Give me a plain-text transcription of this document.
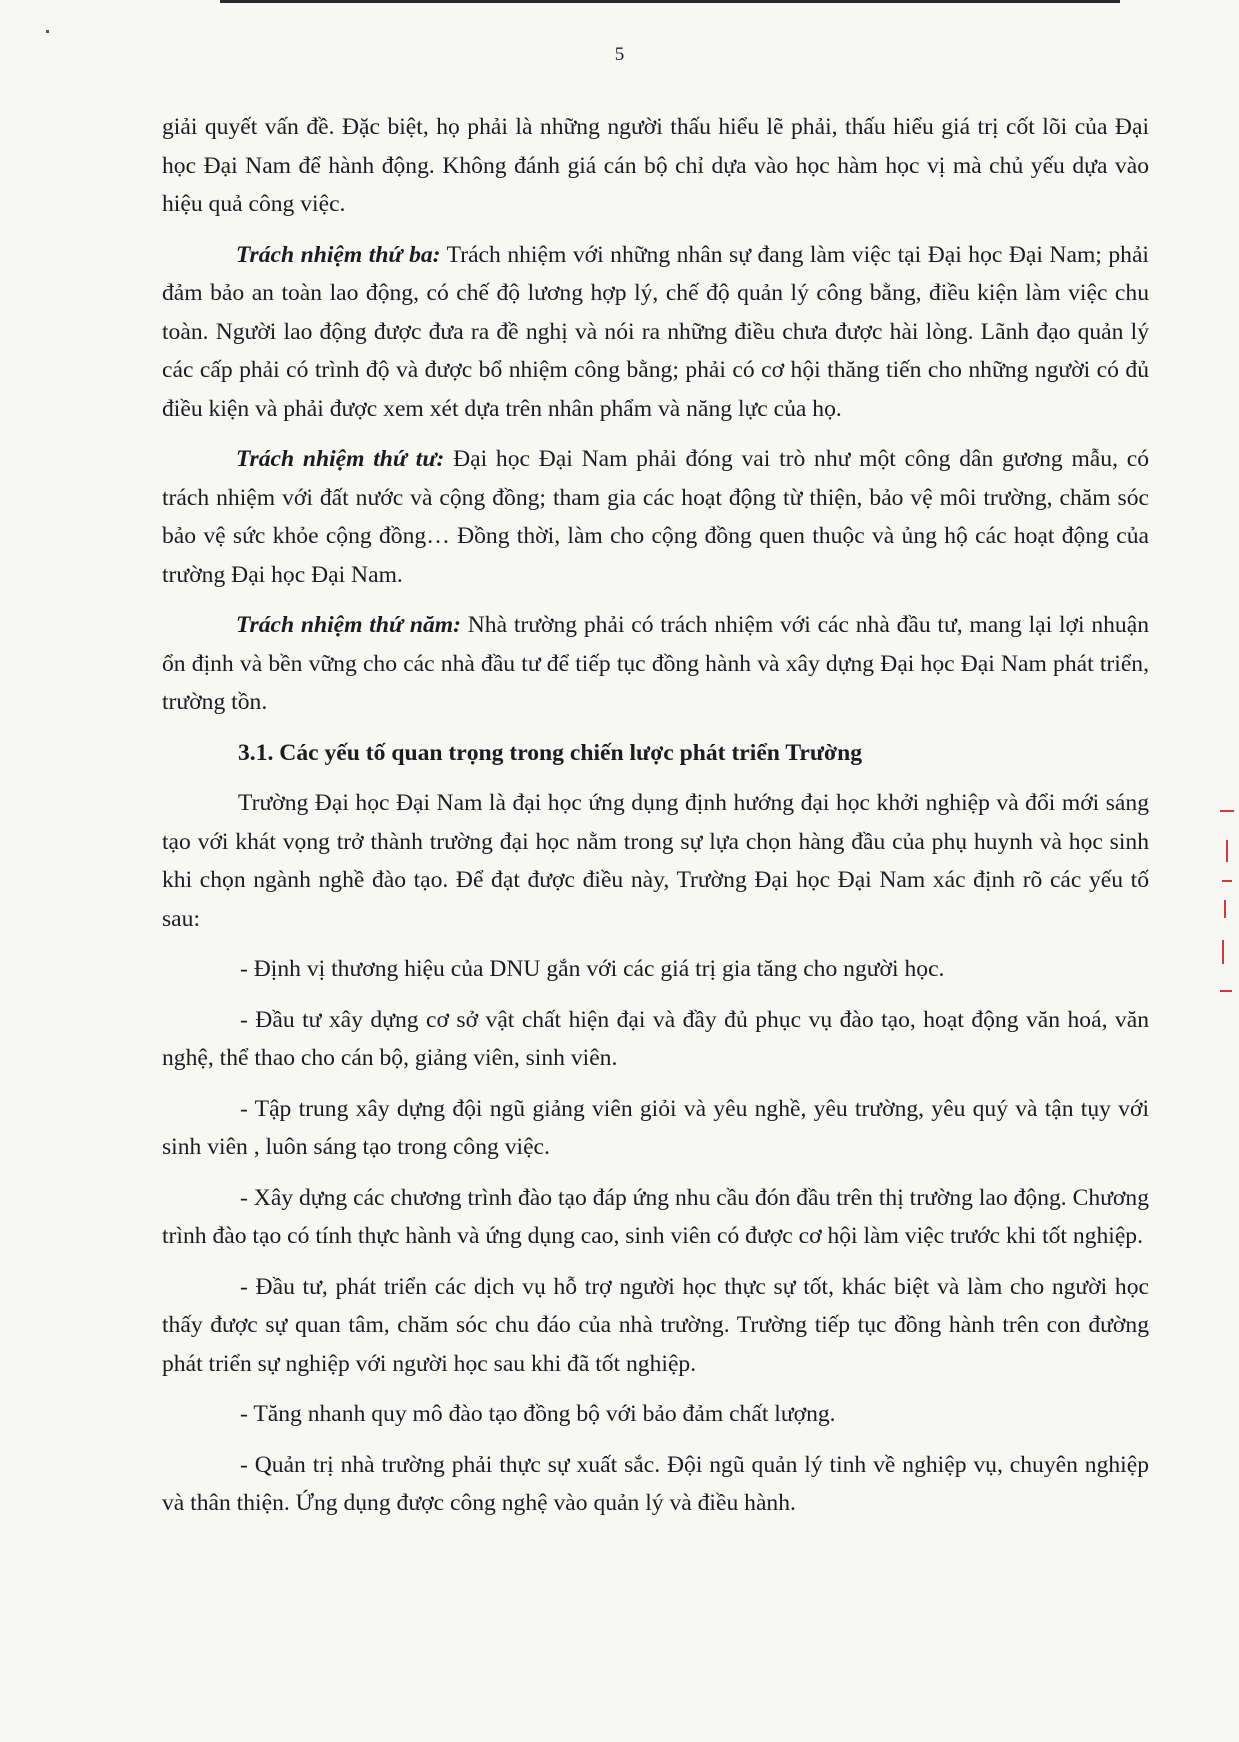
5

giải quyết vấn đề. Đặc biệt, họ phải là những người thấu hiểu lẽ phải, thấu hiểu giá trị cốt lõi của Đại học Đại Nam để hành động. Không đánh giá cán bộ chỉ dựa vào học hàm học vị mà chủ yếu dựa vào hiệu quả công việc.

Trách nhiệm thứ ba: Trách nhiệm với những nhân sự đang làm việc tại Đại học Đại Nam; phải đảm bảo an toàn lao động, có chế độ lương hợp lý, chế độ quản lý công bằng, điều kiện làm việc chu toàn. Người lao động được đưa ra đề nghị và nói ra những điều chưa được hài lòng. Lãnh đạo quản lý các cấp phải có trình độ và được bổ nhiệm công bằng; phải có cơ hội thăng tiến cho những người có đủ điều kiện và phải được xem xét dựa trên nhân phẩm và năng lực của họ.

Trách nhiệm thứ tư: Đại học Đại Nam phải đóng vai trò như một công dân gương mẫu, có trách nhiệm với đất nước và cộng đồng; tham gia các hoạt động từ thiện, bảo vệ môi trường, chăm sóc bảo vệ sức khỏe cộng đồng… Đồng thời, làm cho cộng đồng quen thuộc và ủng hộ các hoạt động của trường Đại học Đại Nam.

Trách nhiệm thứ năm: Nhà trường phải có trách nhiệm với các nhà đầu tư, mang lại lợi nhuận ổn định và bền vững cho các nhà đầu tư để tiếp tục đồng hành và xây dựng Đại học Đại Nam phát triển, trường tồn.

3.1. Các yếu tố quan trọng trong chiến lược phát triển Trường

Trường Đại học Đại Nam là đại học ứng dụng định hướng đại học khởi nghiệp và đổi mới sáng tạo với khát vọng trở thành trường đại học nằm trong sự lựa chọn hàng đầu của phụ huynh và học sinh khi chọn ngành nghề đào tạo. Để đạt được điều này, Trường Đại học Đại Nam xác định rõ các yếu tố sau:

- Định vị thương hiệu của DNU gắn với các giá trị gia tăng cho người học.

- Đầu tư xây dựng cơ sở vật chất hiện đại và đầy đủ phục vụ đào tạo, hoạt động văn hoá, văn nghệ, thể thao cho cán bộ, giảng viên, sinh viên.

- Tập trung xây dựng đội ngũ giảng viên giỏi và yêu nghề, yêu trường, yêu quý và tận tụy với sinh viên , luôn sáng tạo trong công việc.

- Xây dựng các chương trình đào tạo đáp ứng nhu cầu đón đầu trên thị trường lao động. Chương trình đào tạo có tính thực hành và ứng dụng cao, sinh viên có được cơ hội làm việc trước khi tốt nghiệp.

- Đầu tư, phát triển các dịch vụ hỗ trợ người học thực sự tốt, khác biệt và làm cho người học thấy được sự quan tâm, chăm sóc chu đáo của nhà trường. Trường tiếp tục đồng hành trên con đường phát triển sự nghiệp với người học sau khi đã tốt nghiệp.

- Tăng nhanh quy mô đào tạo đồng bộ với bảo đảm chất lượng.

- Quản trị nhà trường phải thực sự xuất sắc. Đội ngũ quản lý tinh về nghiệp vụ, chuyên nghiệp và thân thiện. Ứng dụng được công nghệ vào quản lý và điều hành.
